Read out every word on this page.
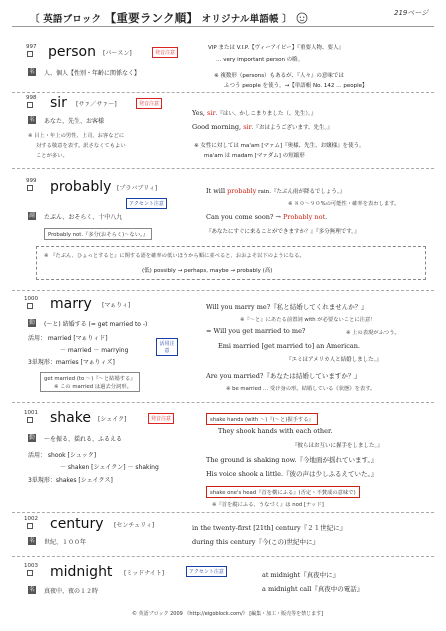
〔 英語ブロック 【重要ランク順】 オリジナル単語帳 〕
219ページ
997 person [パ〜スン]	発音注意
名 人、個人【性別・年齢に関係なく】
VIP または V.I.P.【ヴィーアイピー】『重要人物、要人』
… very important person の略。
※ 複数形（persons）もあるが、『人々』の意味では
ふつう people を使う。→【単語帳 No. 142 … people】
998 sir [サァ／サァ〜]	発音注意
名 あなた、先生、お客様
※ 目上・年上の男性、上司、お客などに
対する敬意を表す。訳さなくてもよい
ことが多い。
Yes, sir.『はい、かしこまりました（、先生）。』
Good morning, sir.『おはようございます、先生。』
※ 女性に対しては ma'am [マァム]『奥様、先生、お嬢様』を使う。
ma'am は madam [マァダム] の短縮形
999 probably [プラバブリィ]
アクセント注意
副 たぶん、おそらく、十中八九
Probably not.『多分(おそらく)〜ない。』
It will probably rain.『たぶん雨が降るでしょう。』
※ ８０〜９０%の可能性・確率を表わします。
Can you come soon? → Probably not.
『あなたにすぐに来ることができますか？』『多分無理です。』
※ 『たぶん、ひょっとすると』に関する語を確率の低いほうから順に並べると、おおよそ以下のようになる。
(低) possibly → perhaps, maybe → probably (高)
1000 marry [マぁりィ]
動 (〜と) 結婚する (= get married to -)
活用： married [マぁりィド]
－ married － marrying
3単現形：marries [マぁりィズ]
活用注意
get married (to 〜)『〜と結婚する』
※ この married は過去分詞形。
Will you marry me?『私と結婚してくれませんか？』
※『〜と』にあたる前置詞 with が必要ないことに注意！
= Will you get married to me?	※ 上の表現がふつう。
Emi married [get married to] an American.
『エミはアメリカ人と結婚しました。』
Are you married?『あなたは結婚していますか？』
※ be married … 受け身の形。結婚している《状態》を表す。
1001 shake [シェイク]	発音注意
動 〜を振る、揺れる、ふるえる
活用： shook [シュック]
－ shaken [シェイクン] － shaking
3単現形：shakes [シェイクス]
shake hands (with 〜)『(〜と)握手する』
They shook hands with each other.
『彼らはお互いに握手をしました。』
The ground is shaking now.『今地面が揺れています。』
His voice shook a little.『彼の声は少しふるえていた。』
shake one's head『首を横にふる』(否定・不賛成の意味で)
※『首を縦にふる、うなづく』は nod [ナッド]
1002 century [センチュリィ]
名 世紀、１００年
in the twenty-first [21th] century『２１世紀に』
during this century『今(この)世紀中に』
1003 midnight [ミッドナイト]	アクセント注意
名 真夜中、夜の１２時
at midnight『真夜中に』
a midnight call『真夜中の電話』
© 英語ブロック 2009 《http://eigoblock.com/》 [編集・加工・販売等を禁じます]
